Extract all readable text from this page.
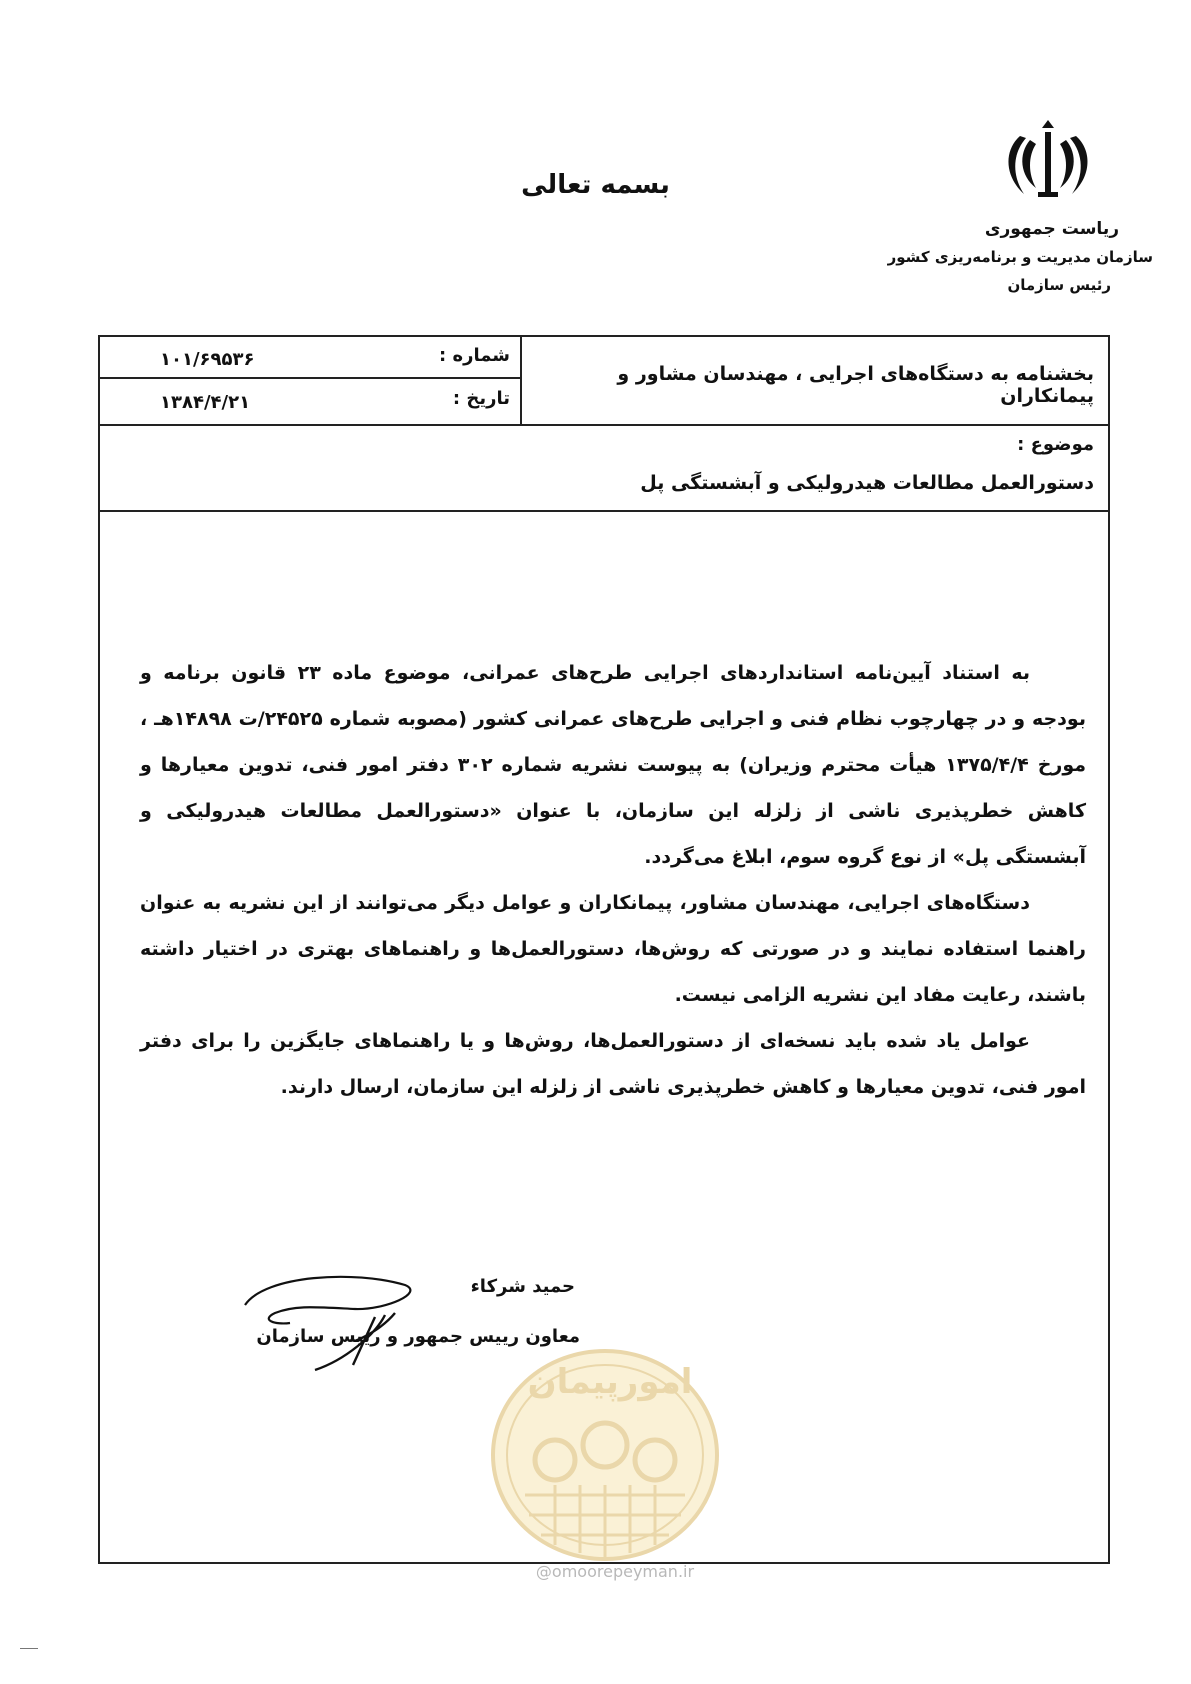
بسمه تعالی
ریاست جمهوری
سازمان مدیریت و برنامه‌ریزی کشور
رئیس سازمان
شماره :
۱۰۱/۶۹۵۳۶
تاریخ :
۱۳۸۴/۴/۲۱
بخشنامه به دستگاه‌های اجرایی ، مهندسان مشاور و پیمانکاران
موضوع :
دستورالعمل مطالعات هیدرولیکی و آبشستگی پل

به استناد آیین‌نامه استانداردهای اجرایی طرح‌های عمرانی، موضوع ماده ۲۳ قانون برنامه و بودجه و در چهارچوب نظام فنی و اجرایی طرح‌های عمرانی کشور (مصوبه شماره ۲۴۵۲۵/ت ۱۴۸۹۸هـ ، مورخ ۱۳۷۵/۴/۴ هیأت محترم وزیران) به پیوست نشریه شماره ۳۰۲ دفتر امور فنی، تدوین معیارها و کاهش خطرپذیری ناشی از زلزله این سازمان، با عنوان «دستورالعمل مطالعات هیدرولیکی و آبشستگی پل» از نوع گروه سوم، ابلاغ می‌گردد.

دستگاه‌های اجرایی، مهندسان مشاور، پیمانکاران و عوامل دیگر می‌توانند از این نشریه به عنوان راهنما استفاده نمایند و در صورتی که روش‌ها، دستورالعمل‌ها و راهنماهای بهتری در اختیار داشته باشند، رعایت مفاد این نشریه الزامی نیست.

عوامل یاد شده باید نسخه‌ای از دستورالعمل‌ها، روش‌ها و یا راهنماهای جایگزین را برای دفتر امور فنی، تدوین معیارها و کاهش خطرپذیری ناشی از زلزله این سازمان، ارسال دارند.

حمید شرکاء
معاون رییس جمهور و رییس سازمان
امورپیمان
@omoorepeyman.ir
